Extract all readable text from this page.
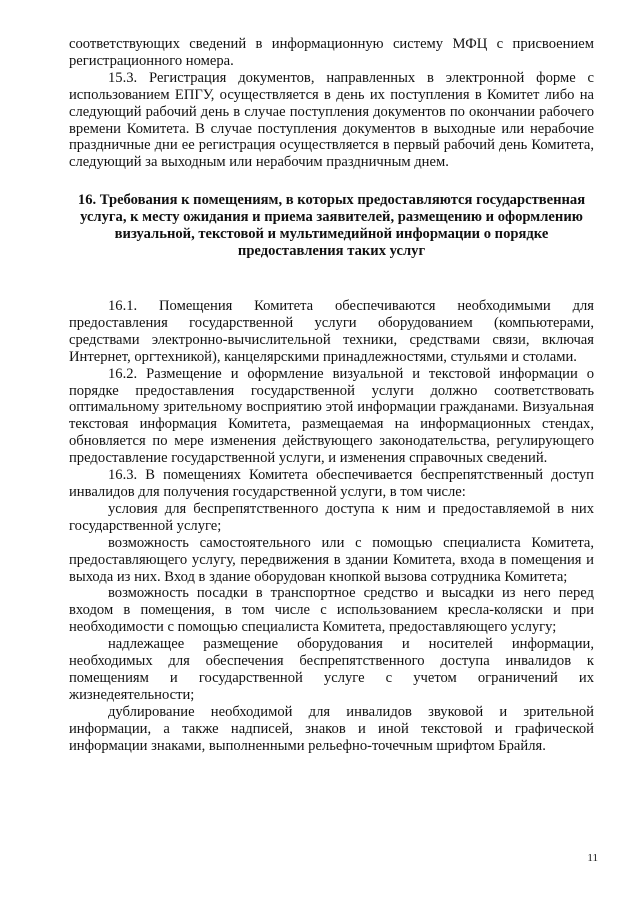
соответствующих сведений в информационную систему МФЦ с присвоением регистрационного номера.

15.3. Регистрация документов, направленных в электронной форме с использованием ЕПГУ, осуществляется в день их поступления в Комитет либо на следующий рабочий день в случае поступления документов по окончании рабочего времени Комитета. В случае поступления документов в выходные или нерабочие праздничные дни ее регистрация осуществляется в первый рабочий день Комитета, следующий за выходным или нерабочим праздничным днем.

16. Требования к помещениям, в которых предоставляются государственная услуга, к месту ожидания и приема заявителей, размещению и оформлению визуальной, текстовой и мультимедийной информации о порядке предоставления таких услуг

16.1. Помещения Комитета обеспечиваются необходимыми для предоставления государственной услуги оборудованием (компьютерами, средствами электронно-вычислительной техники, средствами связи, включая Интернет, оргтехникой), канцелярскими принадлежностями, стульями и столами.

16.2. Размещение и оформление визуальной и текстовой информации о порядке предоставления государственной услуги должно соответствовать оптимальному зрительному восприятию этой информации гражданами. Визуальная текстовая информация Комитета, размещаемая на информационных стендах, обновляется по мере изменения действующего законодательства, регулирующего предоставление государственной услуги, и изменения справочных сведений.

16.3. В помещениях Комитета обеспечивается беспрепятственный доступ инвалидов для получения государственной услуги, в том числе:

условия для беспрепятственного доступа к ним и предоставляемой в них государственной услуге;

возможность самостоятельного или с помощью специалиста Комитета, предоставляющего услугу, передвижения в здании Комитета, входа в помещения и выхода из них. Вход в здание оборудован кнопкой вызова сотрудника Комитета;

возможность посадки в транспортное средство и высадки из него перед входом в помещения, в том числе с использованием кресла-коляски и при необходимости с помощью специалиста Комитета, предоставляющего услугу;

надлежащее размещение оборудования и носителей информации, необходимых для обеспечения беспрепятственного доступа инвалидов к помещениям и государственной услуге с учетом ограничений их жизнедеятельности;

дублирование необходимой для инвалидов звуковой и зрительной информации, а также надписей, знаков и иной текстовой и графической информации знаками, выполненными рельефно-точечным шрифтом Брайля.

11
